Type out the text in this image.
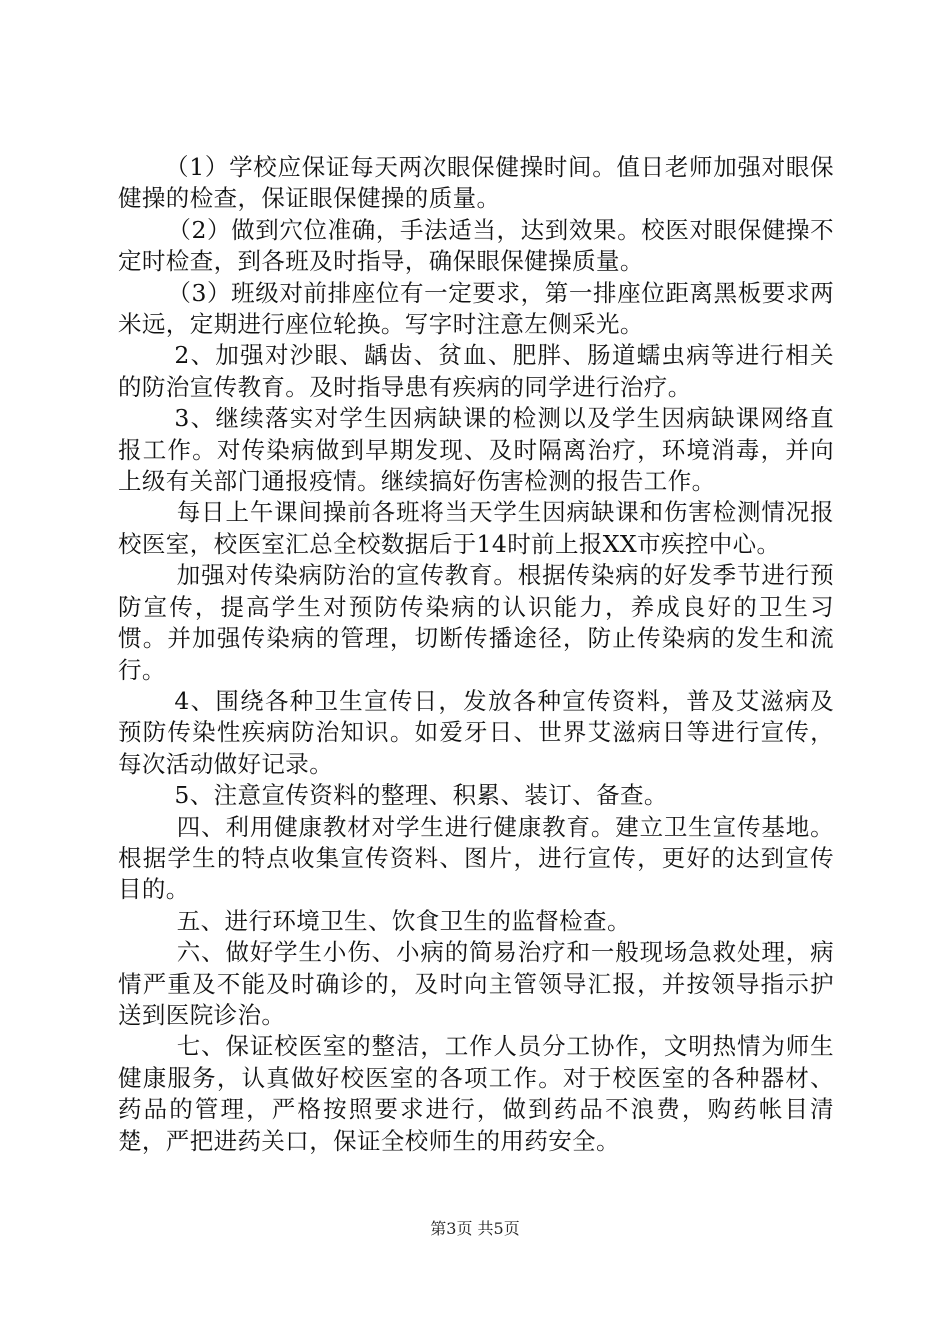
（1）学校应保证每天两次眼保健操时间。值日老师加强对眼保健操的检查，保证眼保健操的质量。

（2）做到穴位准确，手法适当，达到效果。校医对眼保健操不定时检查，到各班及时指导，确保眼保健操质量。

（3）班级对前排座位有一定要求，第一排座位距离黑板要求两米远，定期进行座位轮换。写字时注意左侧采光。

2、加强对沙眼、龋齿、贫血、肥胖、肠道蠕虫病等进行相关的防治宣传教育。及时指导患有疾病的同学进行治疗。

3、继续落实对学生因病缺课的检测以及学生因病缺课网络直报工作。对传染病做到早期发现、及时隔离治疗，环境消毒，并向上级有关部门通报疫情。继续搞好伤害检测的报告工作。

每日上午课间操前各班将当天学生因病缺课和伤害检测情况报校医室，校医室汇总全校数据后于14时前上报XX市疾控中心。

加强对传染病防治的宣传教育。根据传染病的好发季节进行预防宣传，提高学生对预防传染病的认识能力，养成良好的卫生习惯。并加强传染病的管理，切断传播途径，防止传染病的发生和流行。

4、围绕各种卫生宣传日，发放各种宣传资料，普及艾滋病及预防传染性疾病防治知识。如爱牙日、世界艾滋病日等进行宣传，每次活动做好记录。

5、注意宣传资料的整理、积累、装订、备查。

四、利用健康教材对学生进行健康教育。建立卫生宣传基地。根据学生的特点收集宣传资料、图片，进行宣传，更好的达到宣传目的。

五、进行环境卫生、饮食卫生的监督检查。

六、做好学生小伤、小病的简易治疗和一般现场急救处理，病情严重及不能及时确诊的，及时向主管领导汇报，并按领导指示护送到医院诊治。

七、保证校医室的整洁，工作人员分工协作，文明热情为师生健康服务，认真做好校医室的各项工作。对于校医室的各种器材、药品的管理，严格按照要求进行，做到药品不浪费，购药帐目清楚，严把进药关口，保证全校师生的用药安全。

第3页 共5页
